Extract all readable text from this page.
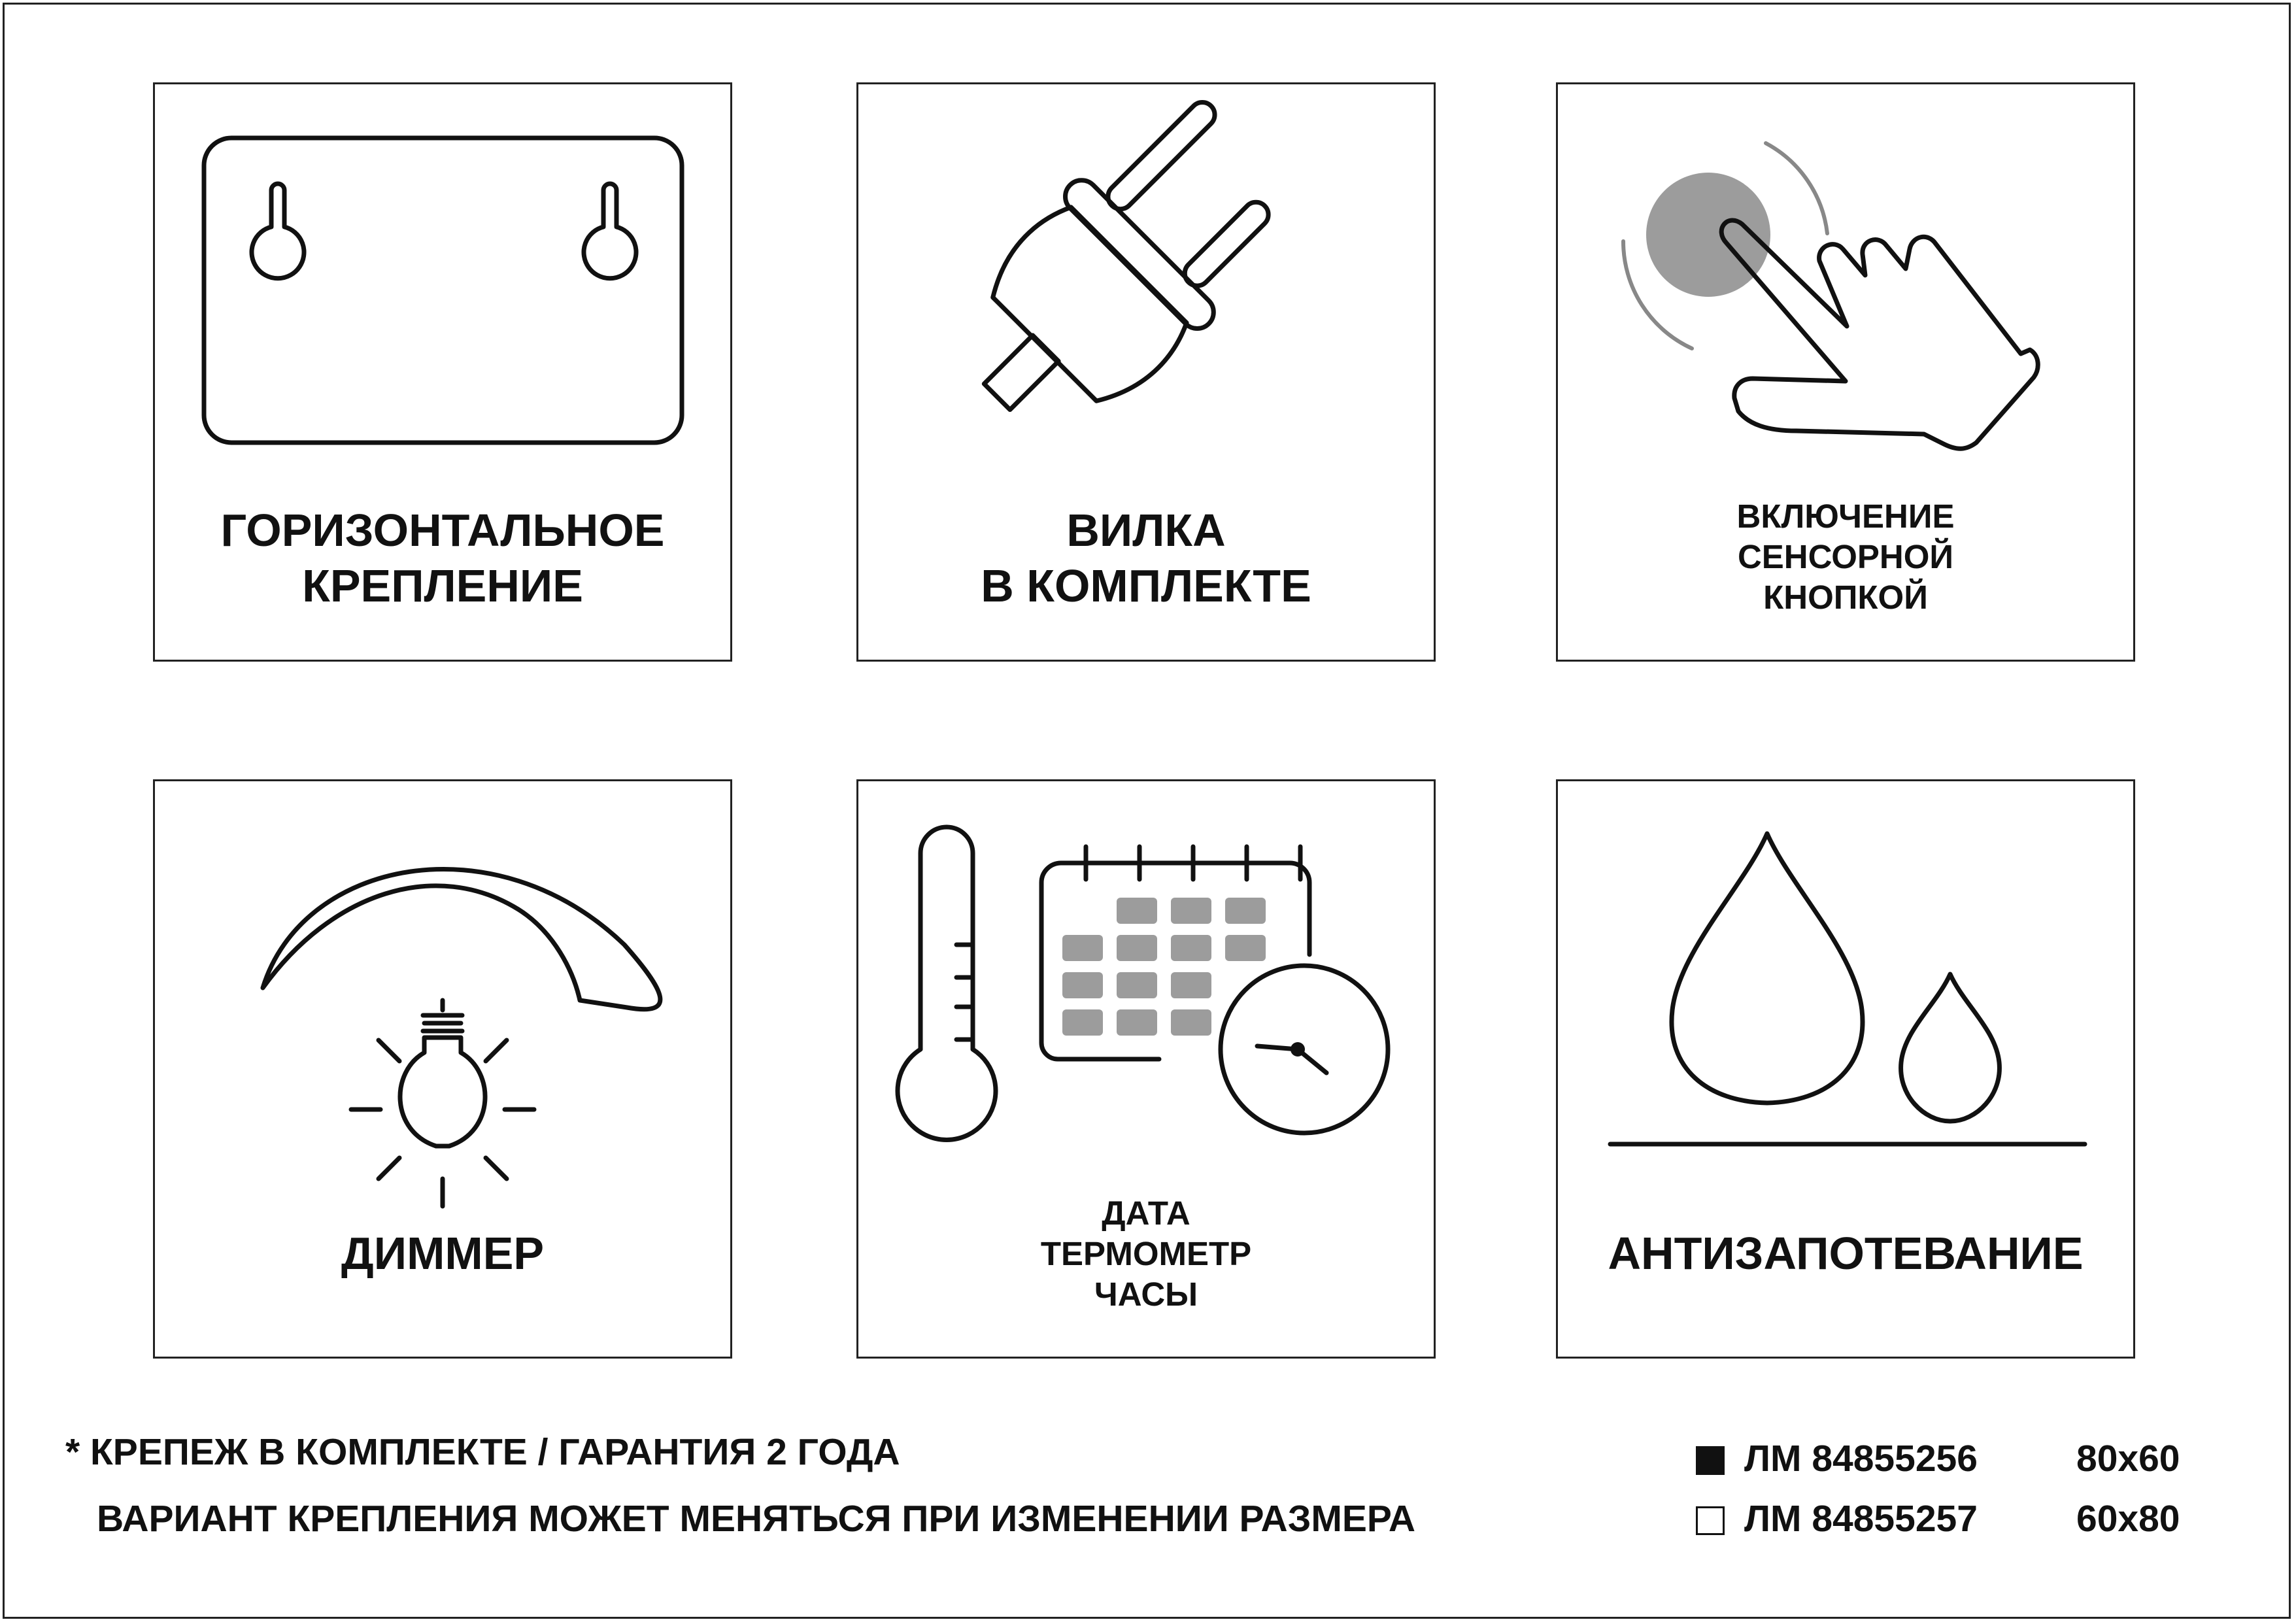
ГОРИЗОНТАЛЬНОЕ
КРЕПЛЕНИЕ
ВИЛКА
В КОМПЛЕКТЕ
ВКЛЮЧЕНИЕ
СЕНСОРНОЙ
КНОПКОЙ
ДИММЕР
ДАТА
ТЕРМОМЕТР
ЧАСЫ
АНТИЗАПОТЕВАНИЕ
* КРЕПЕЖ В КОМПЛЕКТЕ / ГАРАНТИЯ 2 ГОДА
ВАРИАНТ КРЕПЛЕНИЯ МОЖЕТ МЕНЯТЬСЯ ПРИ ИЗМЕНЕНИИ РАЗМЕРА
ЛМ 84855256	80х60
ЛМ 84855257	60х80
